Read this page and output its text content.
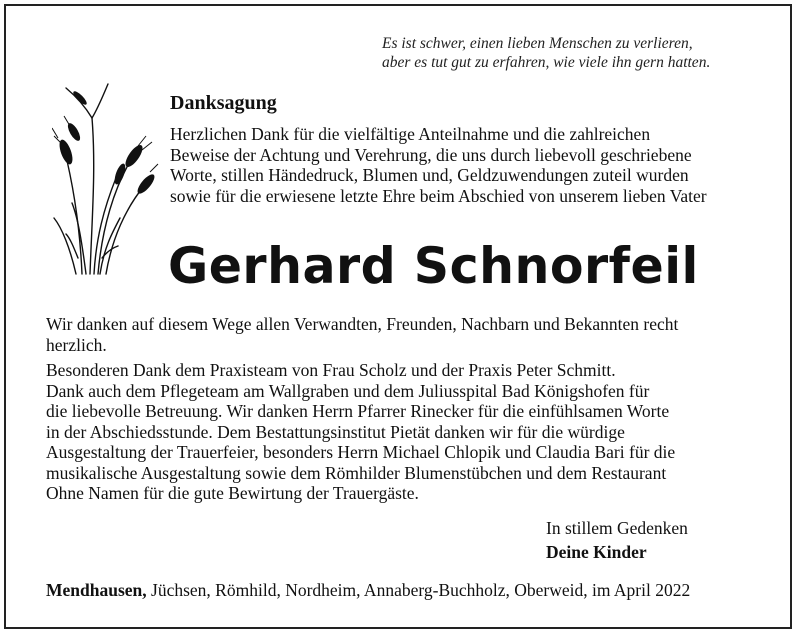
Es ist schwer, einen lieben Menschen zu verlieren,
aber es tut gut zu erfahren, wie viele ihn gern hatten.
Danksagung
Herzlichen Dank für die vielfältige Anteilnahme und die zahlreichen
Beweise der Achtung und Verehrung, die uns durch liebevoll geschriebene
Worte, stillen Händedruck, Blumen und, Geldzuwendungen zuteil wurden
sowie für die erwiesene letzte Ehre beim Abschied von unserem lieben Vater
Gerhard Schnorfeil
Wir danken auf diesem Wege allen Verwandten, Freunden, Nachbarn und Bekannten recht
herzlich.
Besonderen Dank dem Praxisteam von Frau Scholz und der Praxis Peter Schmitt.
Dank auch dem Pflegeteam am Wallgraben und dem Juliusspital Bad Königshofen für
die liebevolle Betreuung. Wir danken Herrn Pfarrer Rinecker für die einfühlsamen Worte
in der Abschiedsstunde. Dem Bestattungsinstitut Pietät danken wir für die würdige
Ausgestaltung der Trauerfeier, besonders Herrn Michael Chlopik und Claudia Bari für die
musikalische Ausgestaltung sowie dem Römhilder Blumenstübchen und dem Restaurant
Ohne Namen für die gute Bewirtung der Trauergäste.
In stillem Gedenken
Deine Kinder
Mendhausen, Jüchsen, Römhild, Nordheim, Annaberg-Buchholz, Oberweid, im April 2022
